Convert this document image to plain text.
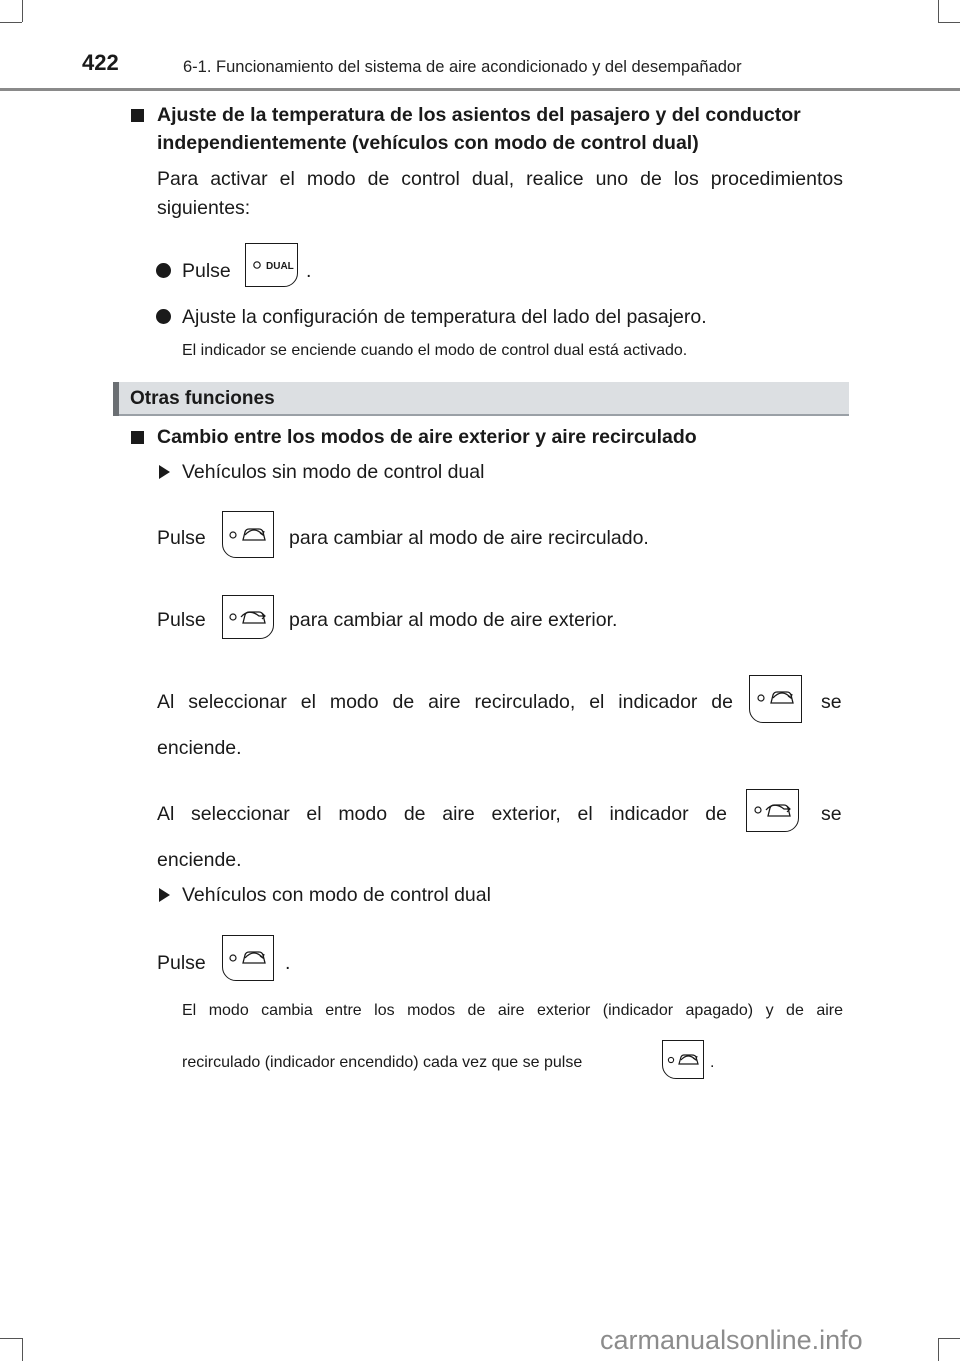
422	6-1. Funcionamiento del sistema de aire acondicionado y del desempañador
Ajuste de la temperatura de los asientos del pasajero y del conductor
independientemente (vehículos con modo de control dual)
Para activar el modo de control dual, realice uno de los procedimientos
siguientes:
Pulse	DUAL .
Ajuste la configuración de temperatura del lado del pasajero.
El indicador se enciende cuando el modo de control dual está activado.
Otras funciones
Cambio entre los modos de aire exterior y aire recirculado
Vehículos sin modo de control dual
Pulse	para cambiar al modo de aire recirculado.
Pulse	para cambiar al modo de aire exterior.
Al seleccionar el modo de aire recirculado, el indicador de	se
enciende.
Al seleccionar el modo de aire exterior, el indicador de	se
enciende.
Vehículos con modo de control dual
Pulse	.
El modo cambia entre los modos de aire exterior (indicador apagado) y de aire
recirculado (indicador encendido) cada vez que se pulse	.
carmanualsonline.info
